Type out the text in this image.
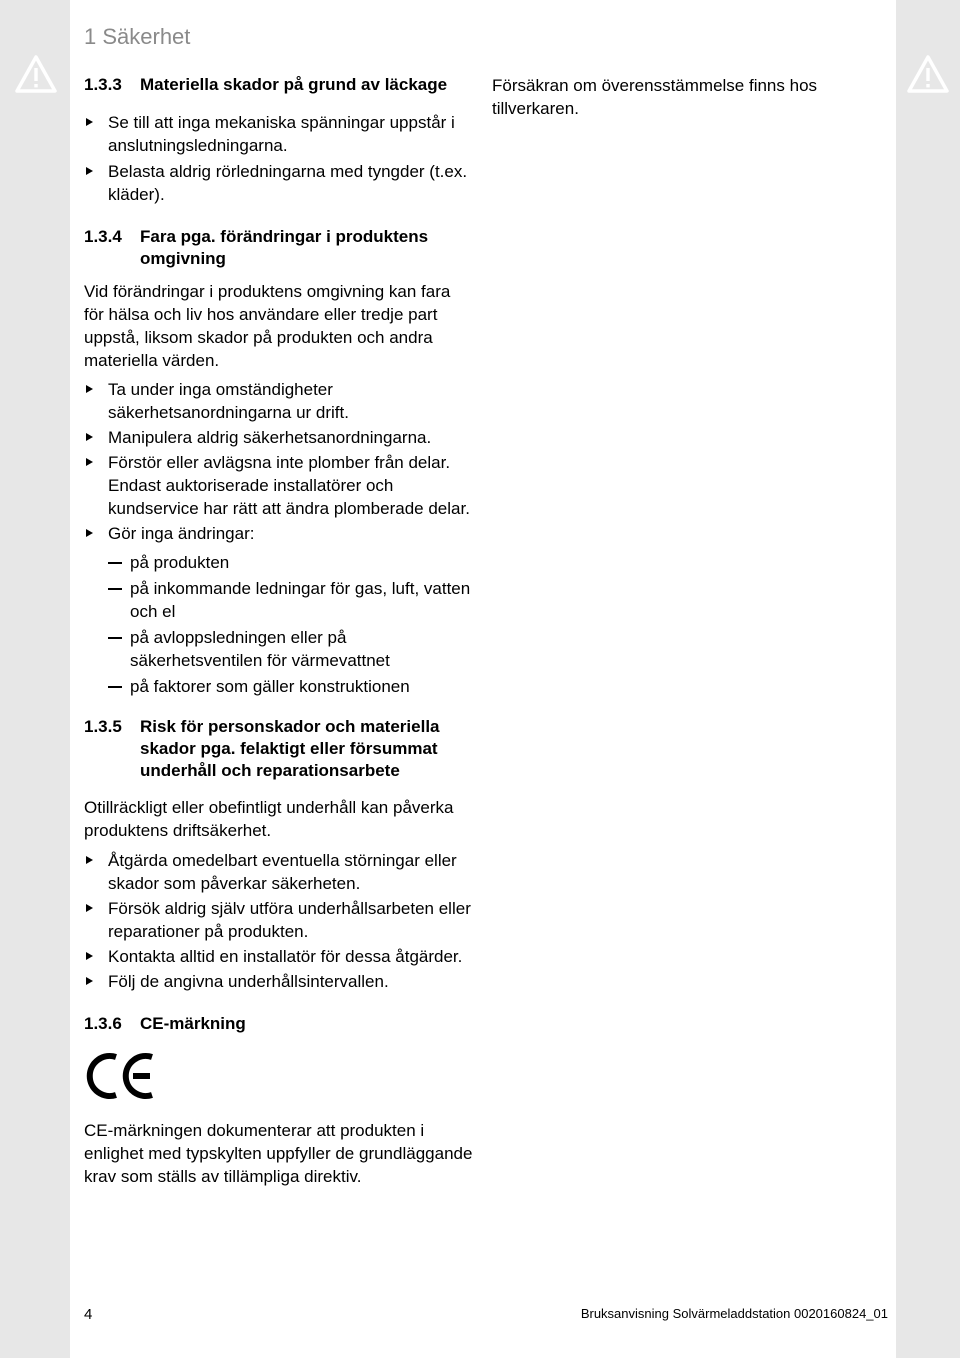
1 Säkerhet
1.3.3	Materiella skador på grund av läckage
Se till att inga mekaniska spänningar uppstår i anslutningsledningarna.
Belasta aldrig rörledningarna med tyngder (t.ex. kläder).
1.3.4	Fara pga. förändringar i produktens omgivning

Vid förändringar i produktens omgivning kan fara för hälsa och liv hos användare eller tredje part uppstå, liksom skador på produkten och andra materiella värden.

Ta under inga omständigheter säkerhetsanordningarna ur drift.
Manipulera aldrig säkerhetsanordningarna.
Förstör eller avlägsna inte plomber från delar. Endast auktoriserade installatörer och kundservice har rätt att ändra plomberade delar.
Gör inga ändringar:
på produkten
på inkommande ledningar för gas, luft, vatten och el
på avloppsledningen eller på säkerhetsventilen för värmevattnet
på faktorer som gäller konstruktionen
1.3.5	Risk för personskador och materiella skador pga. felaktigt eller försummat underhåll och reparationsarbete

Otillräckligt eller obefintligt underhåll kan påverka produktens driftsäkerhet.

Åtgärda omedelbart eventuella störningar eller skador som påverkar säkerheten.
Försök aldrig själv utföra underhållsarbeten eller reparationer på produkten.
Kontakta alltid en installatör för dessa åtgärder.
Följ de angivna underhållsintervallen.
1.3.6	CE-märkning

CE-märkningen dokumenterar att produkten i enlighet med typskylten uppfyller de grundläggande krav som ställs av tillämpliga direktiv.

Försäkran om överensstämmelse finns hos tillverkaren.

4	Bruksanvisning Solvärmeladdstation 0020160824_01
